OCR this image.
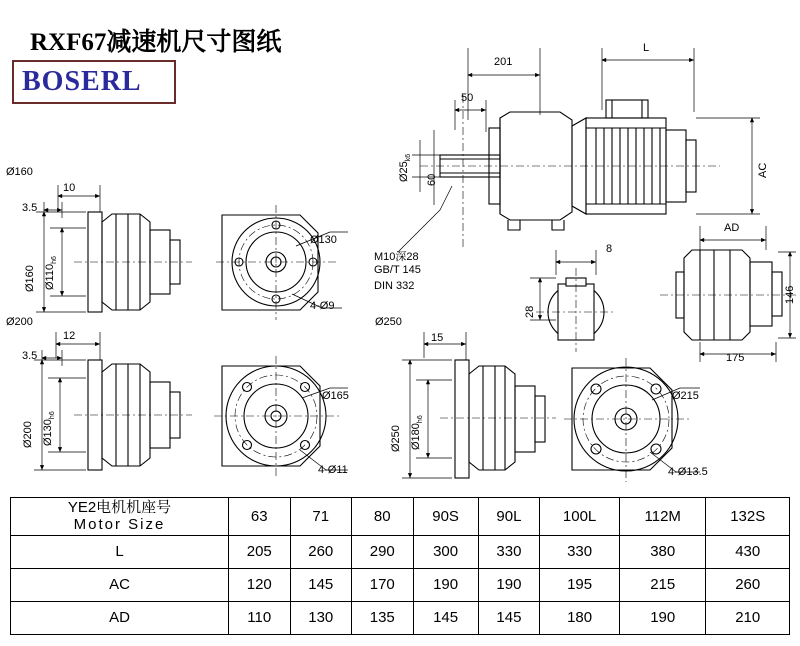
RXF67减速机尺寸图纸
BOSERL
201
L
50
$Ø25_{k6}$
60
AC
M10深28
GB/T 145
DIN 332
8
28
AD
146
175
Ø160
10
3.5
Ø160 $Ø110_{h6}$
Ø130
4-Ø9
Ø200
12
3.5
Ø200 $Ø130_{h6}$
Ø165
4-Ø11
Ø250
15
Ø250 $Ø180_{h6}$
Ø215
4-Ø13.5
YE2电机机座号
Motor Size	63	71	80	90S	90L	100L	112M	132S

L	205	260	290	300	330	330	380	430
AC	120	145	170	190	190	195	215	260
AD	110	130	135	145	145	180	190	210
